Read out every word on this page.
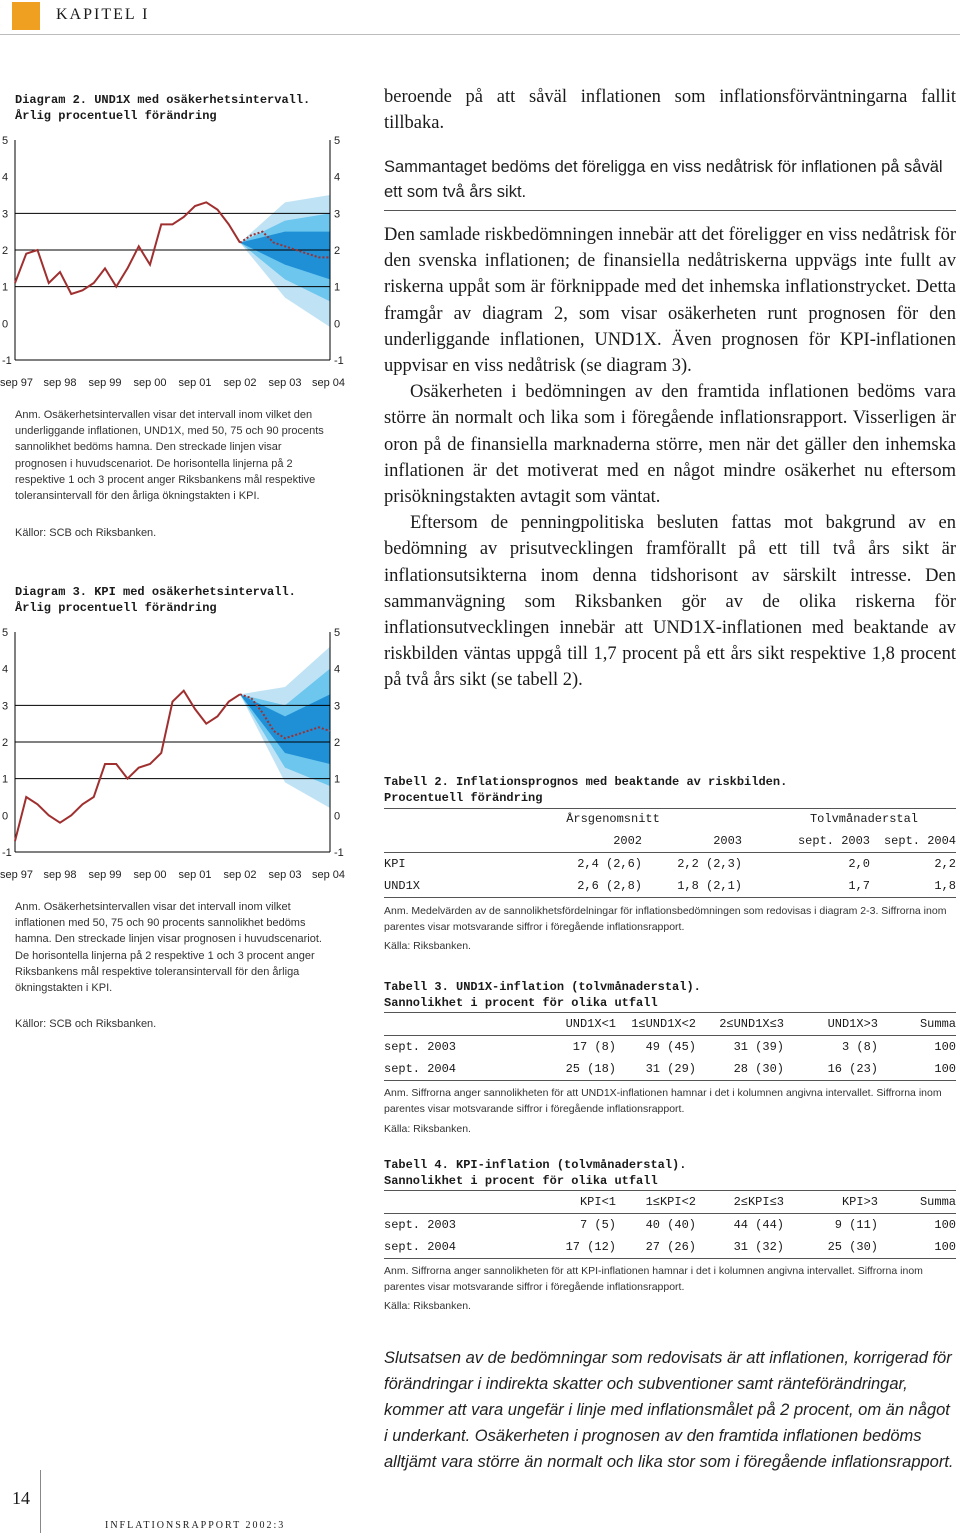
KAPITEL I
Diagram 2. UND1X med osäkerhetsintervall.
Årlig procentuell förändring
-1	-1
0	0
1	1
2	2
3	3
4	4
5	5
sep 97 sep 98 sep 99 sep 00 sep 01 sep 02 sep 03 sep 04
Anm. Osäkerhetsintervallen visar det intervall inom vilket den underliggande inflationen, UND1X, med 50, 75 och 90 procents sannolikhet bedöms hamna. Den streckade linjen visar prognosen i huvudscenariot. De horisontella linjerna på 2 respektive 1 och 3 procent anger Riksbankens mål respektive toleransintervall för den årliga ökningstakten i KPI.
Källor: SCB och Riksbanken.
Diagram 3. KPI med osäkerhetsintervall.
Årlig procentuell förändring
-1	-1
0	0
1	1
2	2
3	3
4	4
5	5
sep 97 sep 98 sep 99 sep 00 sep 01 sep 02 sep 03 sep 04
Anm. Osäkerhetsintervallen visar det intervall inom vilket inflationen med 50, 75 och 90 procents sannolikhet bedöms hamna. Den streckade linjen visar prognosen i huvudscenariot. De horisontella linjerna på 2 respektive 1 och 3 procent anger Riksbankens mål respektive toleransintervall för den årliga ökningstakten i KPI.
Källor: SCB och Riksbanken.

beroende på att såväl inflationen som inflationsförväntningarna fallit tillbaka.

Sammantaget bedöms det föreligga en viss nedåtrisk för inflationen på såväl ett som två års sikt.

Den samlade riskbedömningen innebär att det föreligger en viss nedåtrisk för den svenska inflationen; de finansiella nedåtriskerna uppvägs inte fullt av riskerna uppåt som är förknippade med det inhemska inflationstrycket. Detta framgår av diagram 2, som visar osäkerheten runt prognosen för den underliggande inflationen, UND1X. Även prognosen för KPI-inflationen uppvisar en viss nedåtrisk (se diagram 3).

Osäkerheten i bedömningen av den framtida inflationen bedöms vara större än normalt och lika som i föregående inflationsrapport. Visserligen är oron på de finansiella marknaderna större, men när det gäller den inhemska inflationen är det motiverat med en något mindre osäkerhet nu eftersom prisökningstakten avtagit som väntat.

Eftersom de penningpolitiska besluten fattas mot bakgrund av en bedömning av prisutvecklingen framförallt på ett till två års sikt är inflationsutsikterna inom denna tidshorisont av särskilt intresse. Den sammanvägning som Riksbanken gör av de olika riskerna för inflationsutvecklingen innebär att UND1X-inflationen med beaktande av riskbilden väntas uppgå till 1,7 procent på ett års sikt respektive 1,8 procent på två års sikt (se tabell 2).

Tabell 2. Inflationsprognos med beaktande av riskbilden.
Procentuell förändring
	Årsgenomsnitt		Tolvmånaderstal	
	2002	2003	sept. 2003	sept. 2004
KPI	2,4 (2,6)	2,2 (2,3)	2,0	2,2
UND1X	2,6 (2,8)	1,8 (2,1)	1,7	1,8
Anm. Medelvärden av de sannolikhetsfördelningar för inflationsbedömningen som redovisas i diagram 2-3. Siffrorna inom parentes visar motsvarande siffror i föregående inflationsrapport.
Källa: Riksbanken.
Tabell 3. UND1X-inflation (tolvmånaderstal).
Sannolikhet i procent för olika utfall
	UND1X<1	1≤UND1X<2	2≤UND1X≤3	UND1X>3	Summa
sept. 2003	17 (8)	49 (45)	31 (39)	3 (8)	100
sept. 2004	25 (18)	31 (29)	28 (30)	16 (23)	100
Anm. Siffrorna anger sannolikheten för att UND1X-inflationen hamnar i det i kolumnen angivna intervallet. Siffrorna inom parentes visar motsvarande siffror i föregående inflationsrapport.
Källa: Riksbanken.
Tabell 4. KPI-inflation (tolvmånaderstal).
Sannolikhet i procent för olika utfall
	KPI<1	1≤KPI<2	2≤KPI≤3	KPI>3	Summa
sept. 2003	7 (5)	40 (40)	44 (44)	9 (11)	100
sept. 2004	17 (12)	27 (26)	31 (32)	25 (30)	100
Anm. Siffrorna anger sannolikheten för att KPI-inflationen hamnar i det i kolumnen angivna intervallet. Siffrorna inom parentes visar motsvarande siffror i föregående inflationsrapport.
Källa: Riksbanken.
Slutsatsen av de bedömningar som redovisats är att inflationen, korrigerad för förändringar i indirekta skatter och subventioner samt ränteförändringar, kommer att vara ungefär i linje med inflationsmålet på 2 procent, om än något i underkant. Osäkerheten i prognosen av den framtida inflationen bedöms alltjämt vara större än normalt och lika stor som i föregående inflationsrapport.
14
INFLATIONSRAPPORT 2002:3
